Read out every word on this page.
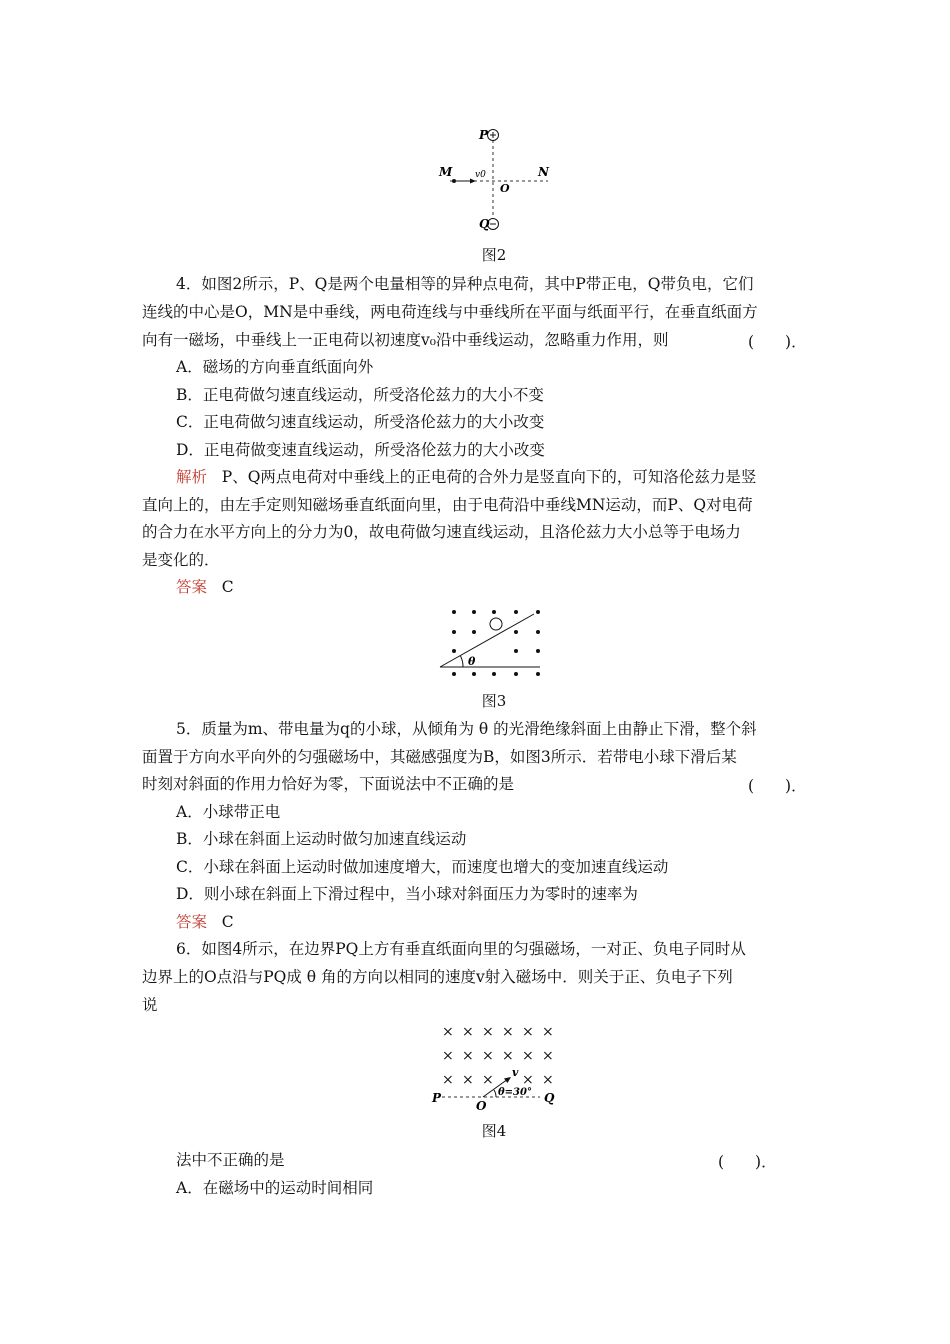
P
Q
M	N
O
v0
图2
4．如图2所示，P、Q是两个电量相等的异种点电荷，其中P带正电，Q带负电，它们
连线的中心是O，MN是中垂线，两电荷连线与中垂线所在平面与纸面平行，在垂直纸面方
向有一磁场，中垂线上一正电荷以初速度v₀沿中垂线运动，忽略重力作用，则	(　　)．
A．磁场的方向垂直纸面向外
B．正电荷做匀速直线运动，所受洛伦兹力的大小不变
C．正电荷做匀速直线运动，所受洛伦兹力的大小改变
D．正电荷做变速直线运动，所受洛伦兹力的大小改变
解析 P、Q两点电荷对中垂线上的正电荷的合外力是竖直向下的，可知洛伦兹力是竖
直向上的，由左手定则知磁场垂直纸面向里，由于电荷沿中垂线MN运动，而P、Q对电荷
的合力在水平方向上的分力为0，故电荷做匀速直线运动，且洛伦兹力大小总等于电场力
是变化的．
答案 C
θ
图3
5．质量为m、带电量为q的小球，从倾角为 θ 的光滑绝缘斜面上由静止下滑，整个斜
面置于方向水平向外的匀强磁场中，其磁感强度为B，如图3所示．若带电小球下滑后某
时刻对斜面的作用力恰好为零，下面说法中不正确的是	(　　)．
A．小球带正电
B．小球在斜面上运动时做匀加速直线运动
C．小球在斜面上运动时做加速度增大，而速度也增大的变加速直线运动
D．则小球在斜面上下滑过程中，当小球对斜面压力为零时的速率为
答案 C
6．如图4所示，在边界PQ上方有垂直纸面向里的匀强磁场，一对正、负电子同时从
边界上的O点沿与PQ成 θ 角的方向以相同的速度v射入磁场中．则关于正、负电子下列
说
× × × × × ×
× × × × × ×
× × × × ×
P	Q
O
v
θ=30°
图4
法中不正确的是	(　　)．
A．在磁场中的运动时间相同
